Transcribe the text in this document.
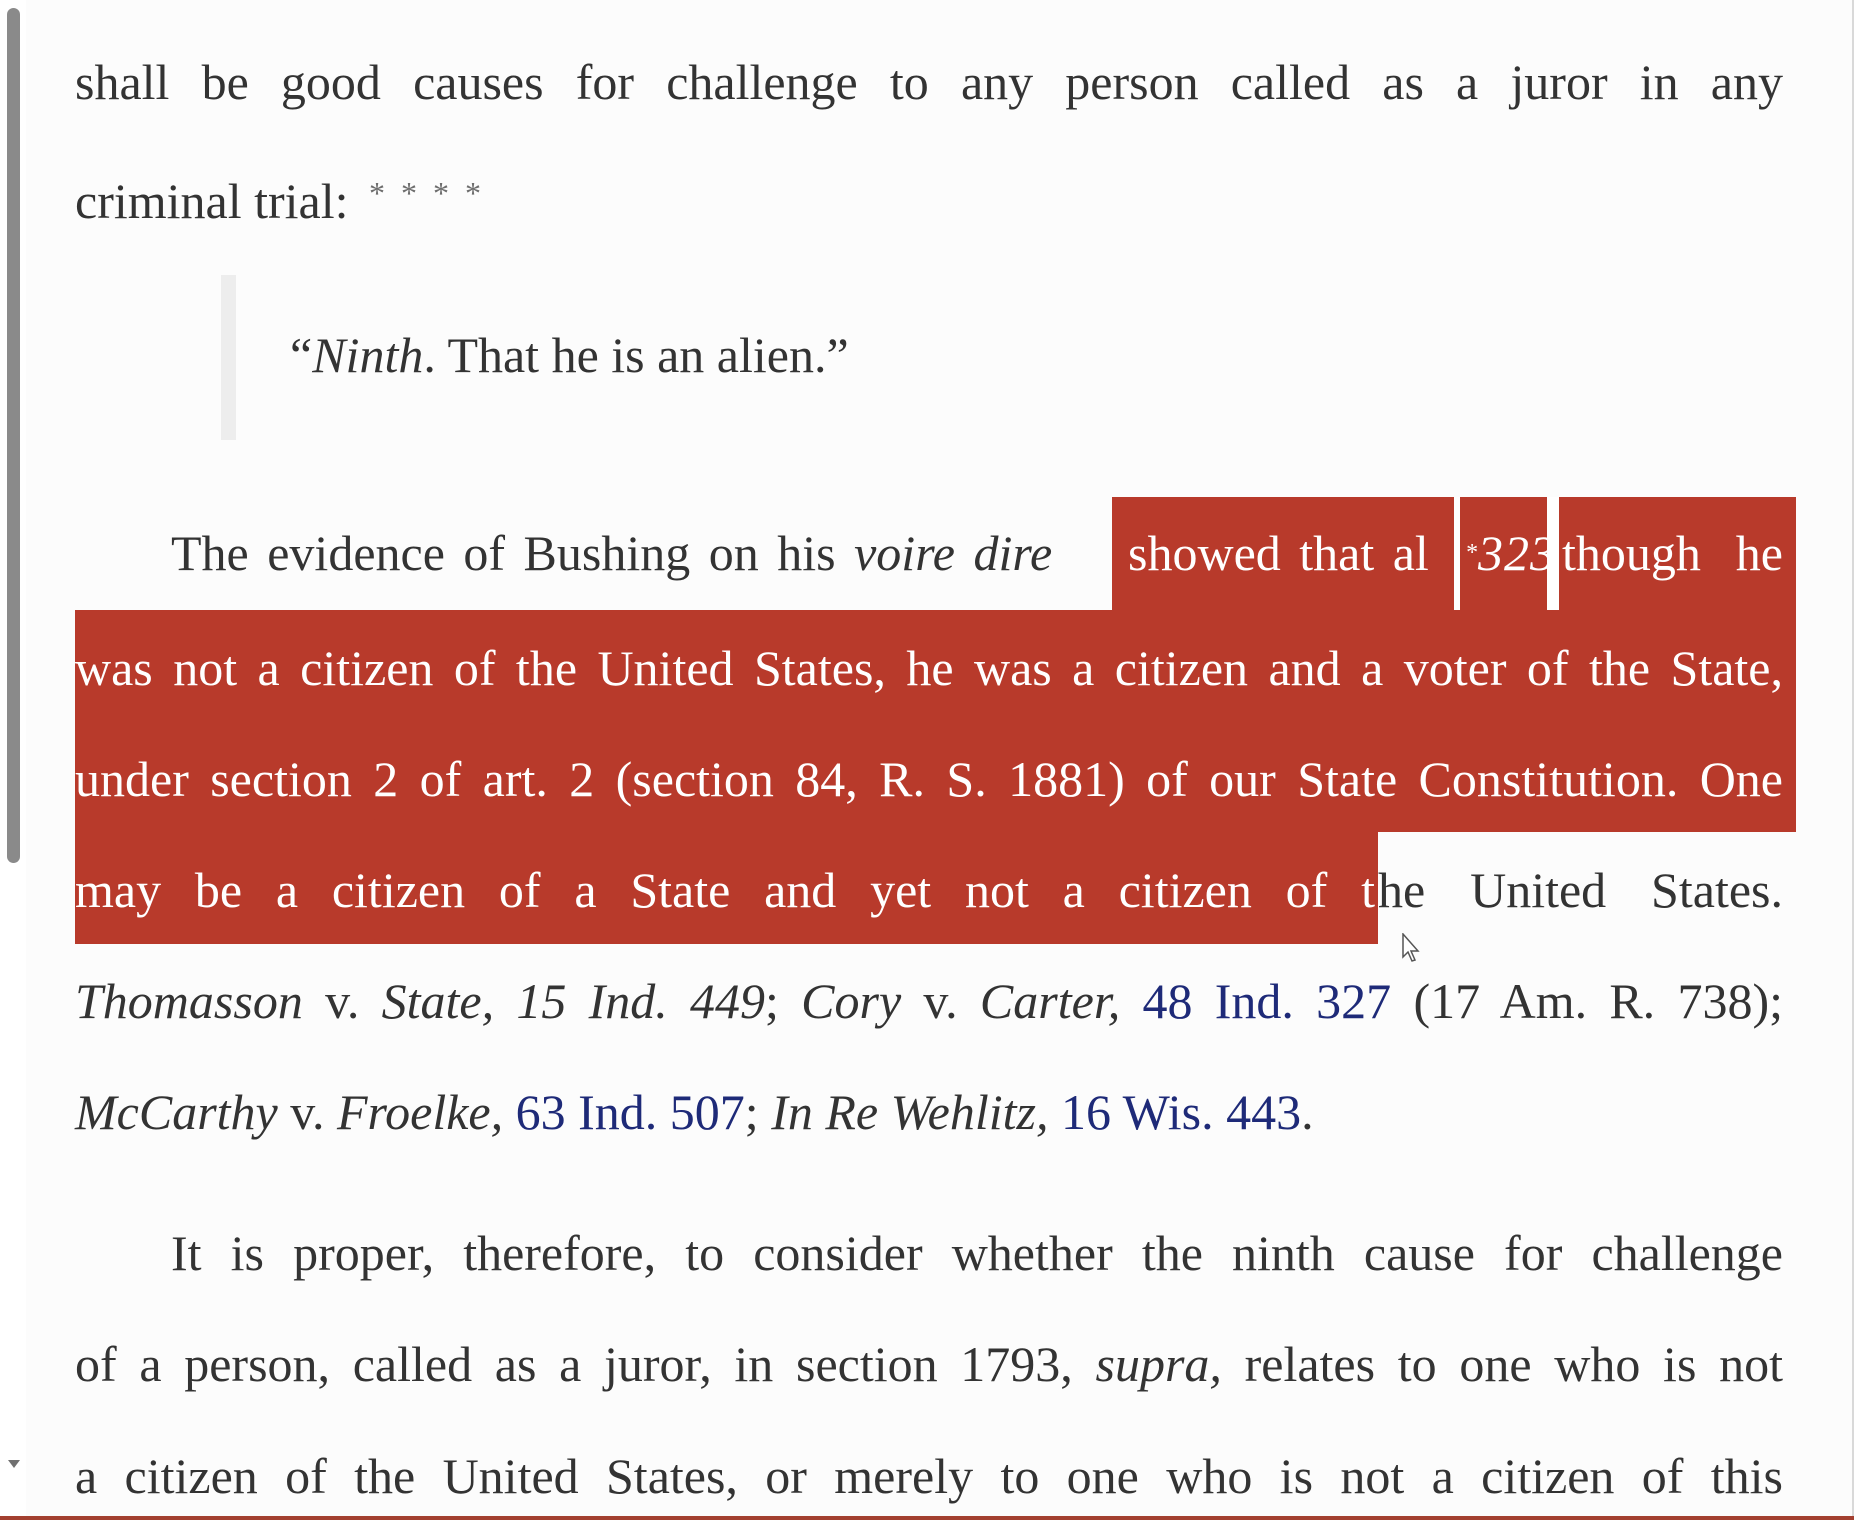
shall be good causes for challenge to any person called as a juror in any
criminal trial: * * * *
“Ninth. That he is an alien.”
The evidence of Bushing on his voire dire showed that al *323 though he
was not a citizen of the United States, he was a citizen and a voter of the State,
under section 2 of art. 2 (section 84, R. S. 1881) of our State Constitution. One
may be a citizen of a State and yet not a citizen of t he United States.
Thomasson v. State, 15 Ind. 449; Cory v. Carter, 48 Ind. 327 (17 Am. R. 738);
McCarthy v. Froelke, 63 Ind. 507; In Re Wehlitz, 16 Wis. 443.
It is proper, therefore, to consider whether the ninth cause for challenge
of a person, called as a juror, in section 1793, supra, relates to one who is not
a citizen of the United States, or merely to one who is not a citizen of this
